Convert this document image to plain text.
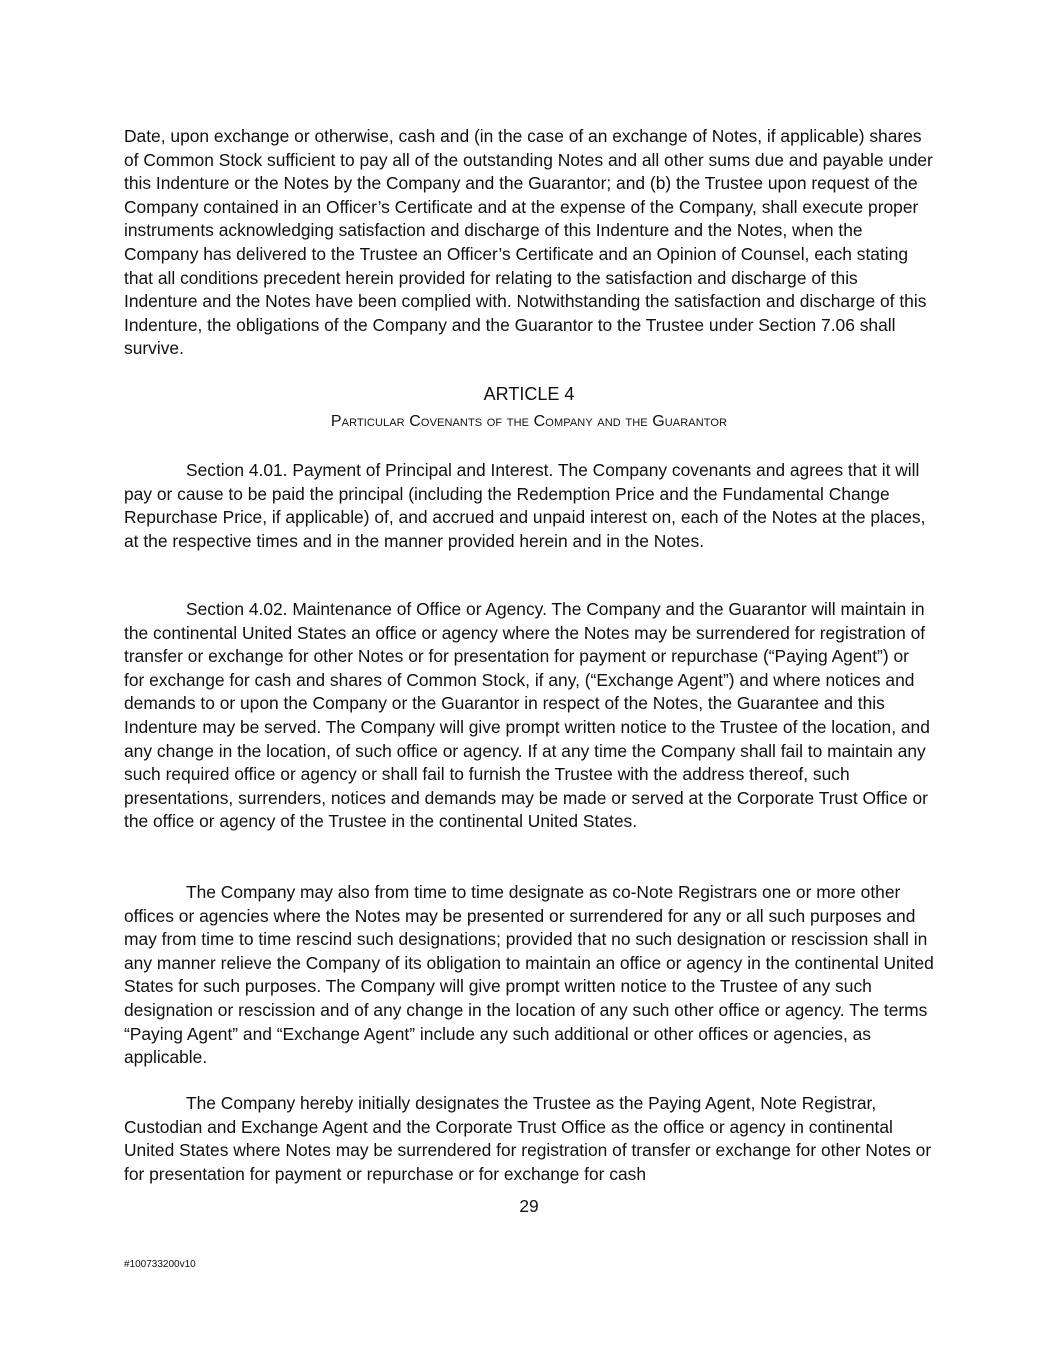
Date, upon exchange or otherwise, cash and (in the case of an exchange of Notes, if applicable) shares of Common Stock sufficient to pay all of the outstanding Notes and all other sums due and payable under this Indenture or the Notes by the Company and the Guarantor; and (b) the Trustee upon request of the Company contained in an Officer’s Certificate and at the expense of the Company, shall execute proper instruments acknowledging satisfaction and discharge of this Indenture and the Notes, when the Company has delivered to the Trustee an Officer’s Certificate and an Opinion of Counsel, each stating that all conditions precedent herein provided for relating to the satisfaction and discharge of this Indenture and the Notes have been complied with. Notwithstanding the satisfaction and discharge of this Indenture, the obligations of the Company and the Guarantor to the Trustee under Section 7.06 shall survive.

ARTICLE 4
Particular Covenants of the Company and the Guarantor

Section 4.01. Payment of Principal and Interest. The Company covenants and agrees that it will pay or cause to be paid the principal (including the Redemption Price and the Fundamental Change Repurchase Price, if applicable) of, and accrued and unpaid interest on, each of the Notes at the places, at the respective times and in the manner provided herein and in the Notes.

Section 4.02. Maintenance of Office or Agency. The Company and the Guarantor will maintain in the continental United States an office or agency where the Notes may be surrendered for registration of transfer or exchange for other Notes or for presentation for payment or repurchase (“Paying Agent”) or for exchange for cash and shares of Common Stock, if any, (“Exchange Agent”) and where notices and demands to or upon the Company or the Guarantor in respect of the Notes, the Guarantee and this Indenture may be served. The Company will give prompt written notice to the Trustee of the location, and any change in the location, of such office or agency. If at any time the Company shall fail to maintain any such required office or agency or shall fail to furnish the Trustee with the address thereof, such presentations, surrenders, notices and demands may be made or served at the Corporate Trust Office or the office or agency of the Trustee in the continental United States.

The Company may also from time to time designate as co-Note Registrars one or more other offices or agencies where the Notes may be presented or surrendered for any or all such purposes and may from time to time rescind such designations; provided that no such designation or rescission shall in any manner relieve the Company of its obligation to maintain an office or agency in the continental United States for such purposes. The Company will give prompt written notice to the Trustee of any such designation or rescission and of any change in the location of any such other office or agency. The terms “Paying Agent” and “Exchange Agent” include any such additional or other offices or agencies, as applicable.

The Company hereby initially designates the Trustee as the Paying Agent, Note Registrar, Custodian and Exchange Agent and the Corporate Trust Office as the office or agency in continental United States where Notes may be surrendered for registration of transfer or exchange for other Notes or for presentation for payment or repurchase or for exchange for cash

29
#100733200v10
